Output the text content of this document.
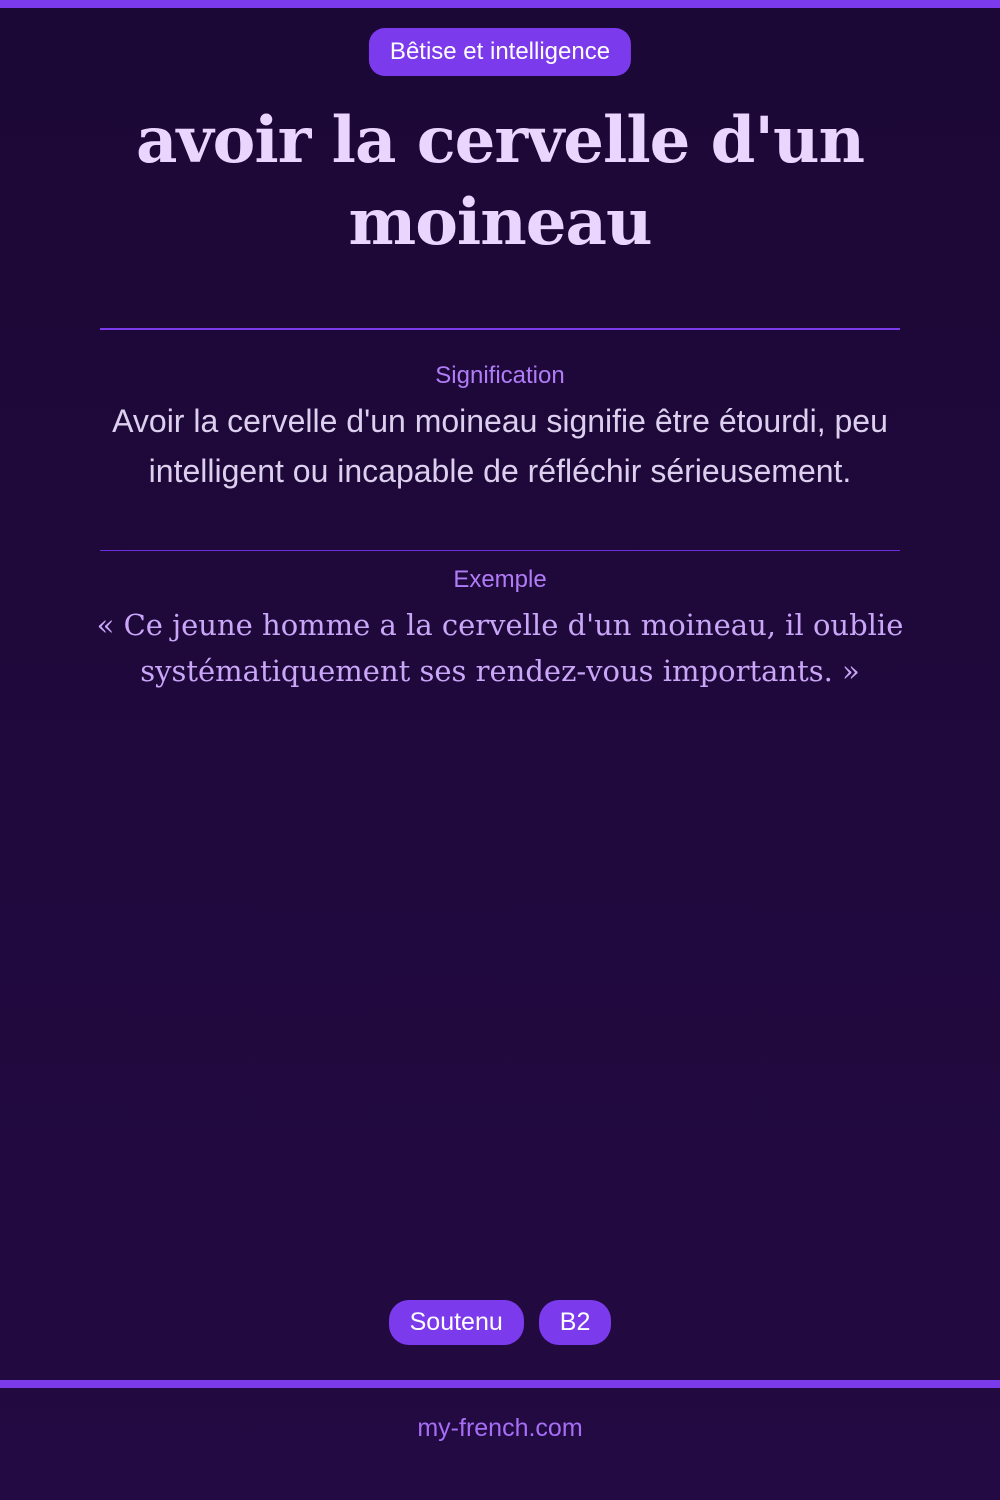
Bêtise et intelligence
avoir la cervelle d'un moineau
Signification
Avoir la cervelle d'un moineau signifie être étourdi, peu intelligent ou incapable de réfléchir sérieusement.
Exemple
« Ce jeune homme a la cervelle d'un moineau, il oublie systématiquement ses rendez-vous importants. »
Soutenu	B2
my-french.com
